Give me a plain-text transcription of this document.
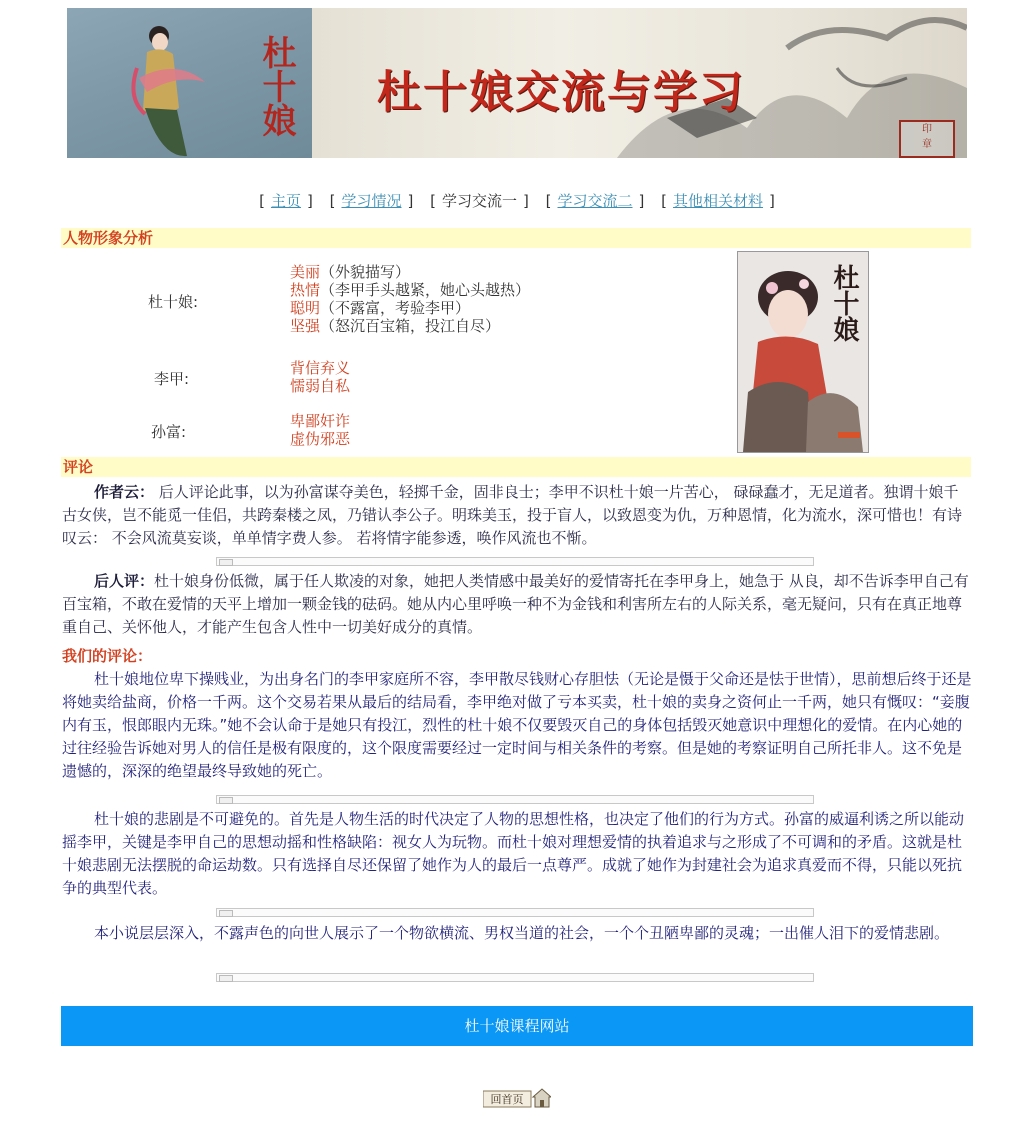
杜十娘 杜十娘交流与学习
印
章
[ 主页 ] [ 学习情况 ] [ 学习交流一 ] [ 学习交流二 ] [ 其他相关材料 ]
人物形象分析
杜十娘:
美丽（外貌描写）
热情（李甲手头越紧，她心头越热）
聪明（不露富，考验李甲）
坚强（怒沉百宝箱，投江自尽）
李甲:
背信弃义
懦弱自私
孙富:
卑鄙奸诈
虚伪邪恶
杜十娘
评论
作者云： 后人评论此事，以为孙富谋夺美色，轻掷千金，固非良士；李甲不识杜十娘一片苦心， 碌碌蠢才，无足道者。独谓十娘千古女侠，岂不能觅一佳侣，共跨秦楼之凤，乃错认李公子。明珠美玉，投于盲人，以致恩变为仇，万种恩情，化为流水，深可惜也！有诗叹云： 不会风流莫妄谈，单单情字费人参。 若将情字能参透，唤作风流也不惭。
后人评：杜十娘身份低微，属于任人欺凌的对象，她把人类情感中最美好的爱情寄托在李甲身上，她急于 从良，却不告诉李甲自己有百宝箱，不敢在爱情的天平上增加一颗金钱的砝码。她从内心里呼唤一种不为金钱和利害所左右的人际关系，毫无疑问，只有在真正地尊重自己、关怀他人，才能产生包含人性中一切美好成分的真情。
我们的评论：
杜十娘地位卑下操贱业，为出身名门的李甲家庭所不容，李甲散尽钱财心存胆怯（无论是慑于父命还是怯于世情），思前想后终于还是将她卖给盐商，价格一千两。这个交易若果从最后的结局看，李甲绝对做了亏本买卖，杜十娘的卖身之资何止一千两，她只有慨叹：“妾腹内有玉，恨郎眼内无珠。”她不会认命于是她只有投江，烈性的杜十娘不仅要毁灭自己的身体包括毁灭她意识中理想化的爱情。在内心她的过往经验告诉她对男人的信任是极有限度的，这个限度需要经过一定时间与相关条件的考察。但是她的考察证明自己所托非人。这不免是遗憾的，深深的绝望最终导致她的死亡。
杜十娘的悲剧是不可避免的。首先是人物生活的时代决定了人物的思想性格，也决定了他们的行为方式。孙富的威逼利诱之所以能动摇李甲，关键是李甲自己的思想动摇和性格缺陷：视女人为玩物。而杜十娘对理想爱情的执着追求与之形成了不可调和的矛盾。这就是杜十娘悲剧无法摆脱的命运劫数。只有选择自尽还保留了她作为人的最后一点尊严。成就了她作为封建社会为追求真爱而不得，只能以死抗争的典型代表。
本小说层层深入，不露声色的向世人展示了一个物欲横流、男权当道的社会，一个个丑陋卑鄙的灵魂；一出催人泪下的爱情悲剧。
杜十娘课程网站
回首页
